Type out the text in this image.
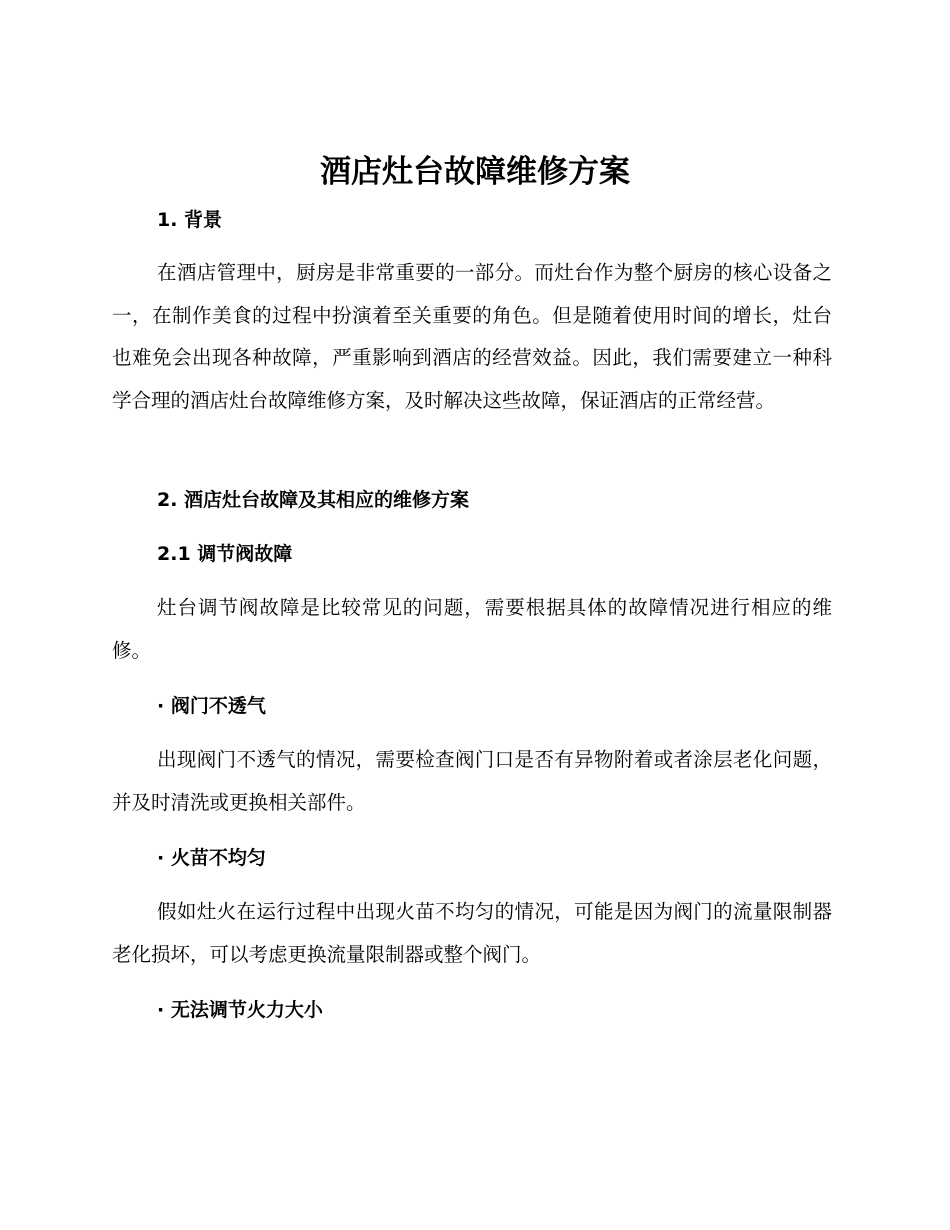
酒店灶台故障维修方案
1. 背景

在酒店管理中，厨房是非常重要的一部分。而灶台作为整个厨房的核心设备之一，在制作美食的过程中扮演着至关重要的角色。但是随着使用时间的增长，灶台也难免会出现各种故障，严重影响到酒店的经营效益。因此，我们需要建立一种科学合理的酒店灶台故障维修方案，及时解决这些故障，保证酒店的正常经营。

2. 酒店灶台故障及其相应的维修方案
2.1 调节阀故障

灶台调节阀故障是比较常见的问题，需要根据具体的故障情况进行相应的维修。

· 阀门不透气

出现阀门不透气的情况，需要检查阀门口是否有异物附着或者涂层老化问题，并及时清洗或更换相关部件。

· 火苗不均匀

假如灶火在运行过程中出现火苗不均匀的情况，可能是因为阀门的流量限制器老化损坏，可以考虑更换流量限制器或整个阀门。

· 无法调节火力大小
